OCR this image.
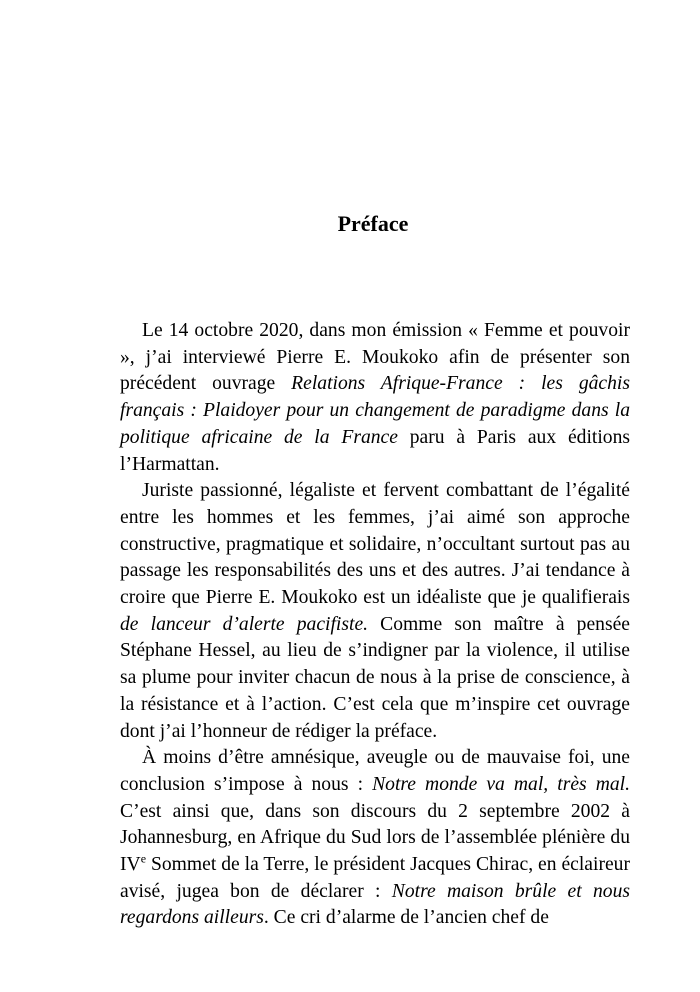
Préface

Le 14 octobre 2020, dans mon émission « Femme et pouvoir », j’ai interviewé Pierre E. Moukoko afin de présenter son précédent ouvrage Relations Afrique-France : les gâchis français : Plaidoyer pour un changement de paradigme dans la politique africaine de la France paru à Paris aux éditions l’Harmattan.

Juriste passionné, légaliste et fervent combattant de l’égalité entre les hommes et les femmes, j’ai aimé son approche constructive, pragmatique et solidaire, n’occultant surtout pas au passage les responsabilités des uns et des autres. J’ai tendance à croire que Pierre E. Moukoko est un idéaliste que je qualifierais de lanceur d’alerte pacifiste. Comme son maître à pensée Stéphane Hessel, au lieu de s’indigner par la violence, il utilise sa plume pour inviter chacun de nous à la prise de conscience, à la résistance et à l’action. C’est cela que m’inspire cet ouvrage dont j’ai l’honneur de rédiger la préface.

À moins d’être amnésique, aveugle ou de mauvaise foi, une conclusion s’impose à nous : Notre monde va mal, très mal. C’est ainsi que, dans son discours du 2 septembre 2002 à Johannesburg, en Afrique du Sud lors de l’assemblée plénière du IVe Sommet de la Terre, le président Jacques Chirac, en éclaireur avisé, jugea bon de déclarer : Notre maison brûle et nous regardons ailleurs. Ce cri d’alarme de l’ancien chef de
